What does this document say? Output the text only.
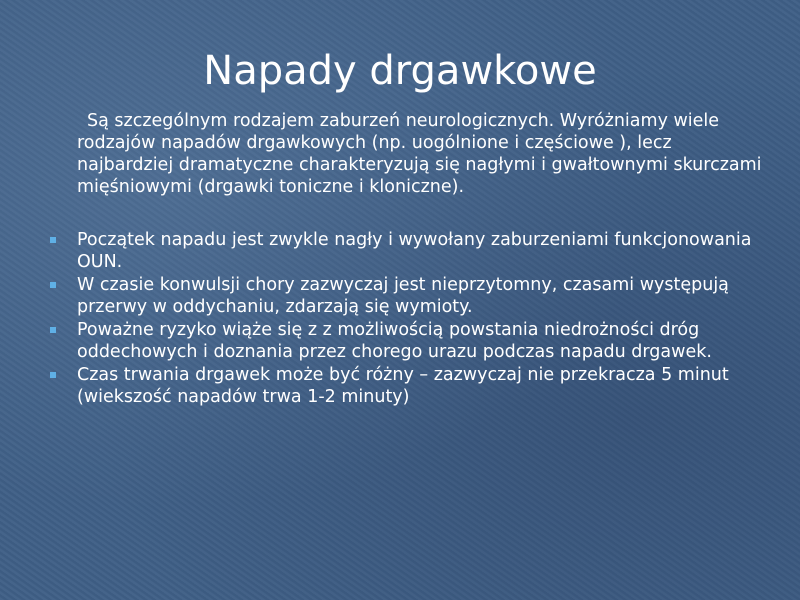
Napady drgawkowe

Są szczególnym rodzajem zaburzeń neurologicznych. Wyróżniamy wiele rodzajów napadów drgawkowych (np. uogólnione i częściowe ), lecz najbardziej dramatyczne charakteryzują się nagłymi i gwałtownymi skurczami mięśniowymi (drgawki toniczne i kloniczne).

Początek napadu jest zwykle nagły i wywołany zaburzeniami funkcjonowania OUN.
W czasie konwulsji chory zazwyczaj jest nieprzytomny, czasami występują przerwy w oddychaniu, zdarzają się wymioty.
Poważne ryzyko wiąże się z z możliwością powstania niedrożności dróg oddechowych i doznania przez chorego urazu podczas napadu drgawek.
Czas trwania drgawek może być różny – zazwyczaj nie przekracza 5 minut (wiekszość napadów trwa 1-2 minuty)
